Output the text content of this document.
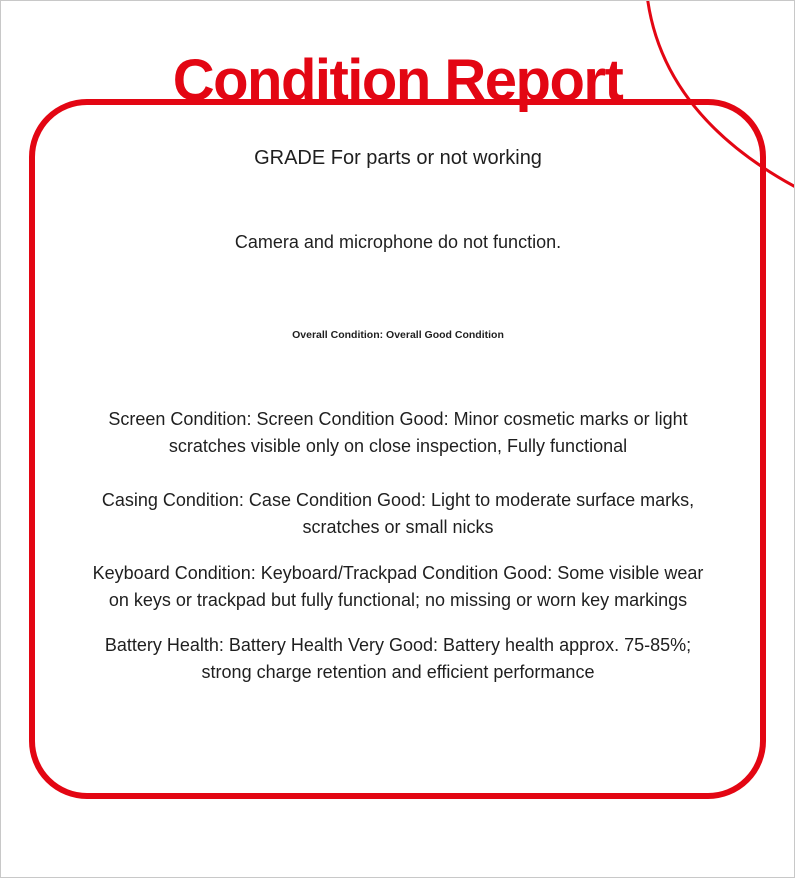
Condition Report
GRADE For parts or not working
Camera and microphone do not function.
Overall Condition: Overall Good Condition
Screen Condition: Screen Condition Good: Minor cosmetic marks or light
scratches visible only on close inspection, Fully functional
Casing Condition: Case Condition Good: Light to moderate surface marks,
scratches or small nicks
Keyboard Condition: Keyboard/Trackpad Condition Good: Some visible wear
on keys or trackpad but fully functional; no missing or worn key markings
Battery Health: Battery Health Very Good: Battery health approx. 75-85%;
strong charge retention and efficient performance
